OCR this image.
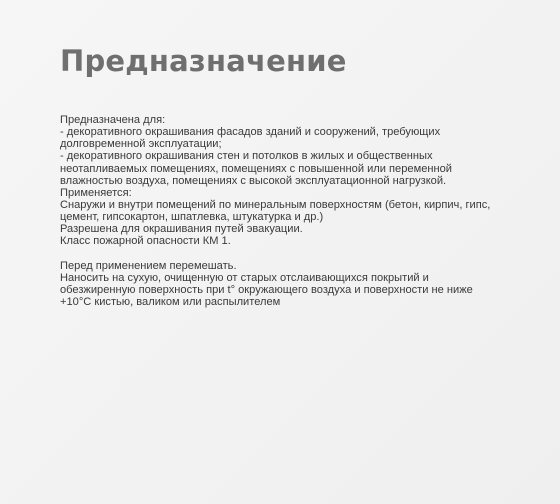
Предназначение
Предназначена для:
- декоративного окрашивания фасадов зданий и сооружений, требующих
долговременной эксплуатации;
- декоративного окрашивания стен и потолков в жилых и общественных
неотапливаемых помещениях, помещениях с повышенной или переменной
влажностью воздуха, помещениях с высокой эксплуатационной нагрузкой.
Применяется:
Снаружи и внутри помещений по минеральным поверхностям (бетон, кирпич, гипс,
цемент, гипсокартон, шпатлевка, штукатурка и др.)
Разрешена для окрашивания путей эвакуации.
Класс пожарной опасности КМ 1.
Перед применением перемешать.
Наносить на сухую, очищенную от старых отслаивающихся покрытий и
обезжиренную поверхность при t° окружающего воздуха и поверхности не ниже
+10°C кистью, валиком или распылителем
